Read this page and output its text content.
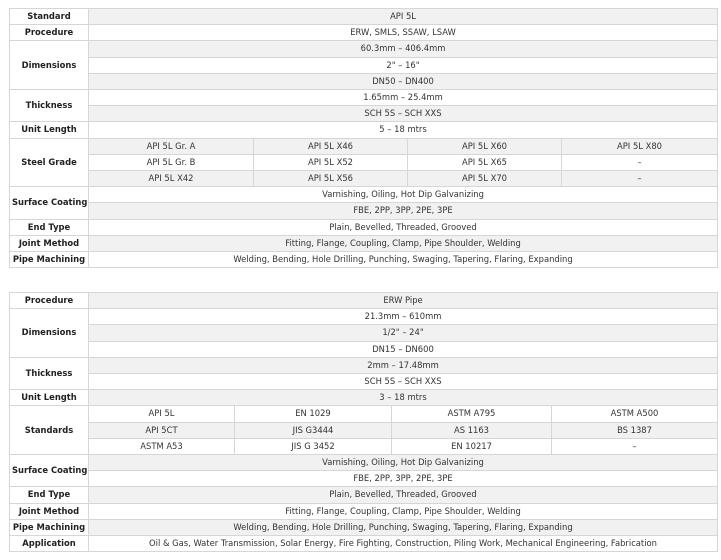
Standard	API 5L			
Procedure	ERW, SMLS, SSAW, LSAW			
Dimensions	60.3mm – 406.4mm			
	2" – 16"			
	DN50 – DN400			
Thickness	1.65mm – 25.4mm			
	SCH 5S – SCH XXS			
Unit Length	5 – 18 mtrs			
Steel Grade	API 5L Gr. A	API 5L X46	API 5L X60	API 5L X80
	API 5L Gr. B	API 5L X52	API 5L X65	–
	API 5L X42	API 5L X56	API 5L X70	–
Surface Coating	Varnishing, Oiling, Hot Dip Galvanizing			
	FBE, 2PP, 3PP, 2PE, 3PE			
End Type	Plain, Bevelled, Threaded, Grooved			
Joint Method	Fitting, Flange, Coupling, Clamp, Pipe Shoulder, Welding			
Pipe Machining	Welding, Bending, Hole Drilling, Punching, Swaging, Tapering, Flaring, Expanding			
Procedure	ERW Pipe			
Dimensions	21.3mm – 610mm			
	1/2" – 24"			
	DN15 – DN600			
Thickness	2mm – 17.48mm			
	SCH 5S – SCH XXS			
Unit Length	3 – 18 mtrs			
Standards	API 5L	EN 1029	ASTM A795	ASTM A500
	API 5CT	JIS G3444	AS 1163	BS 1387
	ASTM A53	JIS G 3452	EN 10217	–
Surface Coating	Varnishing, Oiling, Hot Dip Galvanizing			
	FBE, 2PP, 3PP, 2PE, 3PE			
End Type	Plain, Bevelled, Threaded, Grooved			
Joint Method	Fitting, Flange, Coupling, Clamp, Pipe Shoulder, Welding			
Pipe Machining	Welding, Bending, Hole Drilling, Punching, Swaging, Tapering, Flaring, Expanding			
Application	Oil & Gas, Water Transmission, Solar Energy, Fire Fighting, Construction, Piling Work, Mechanical Engineering, Fabrication			
